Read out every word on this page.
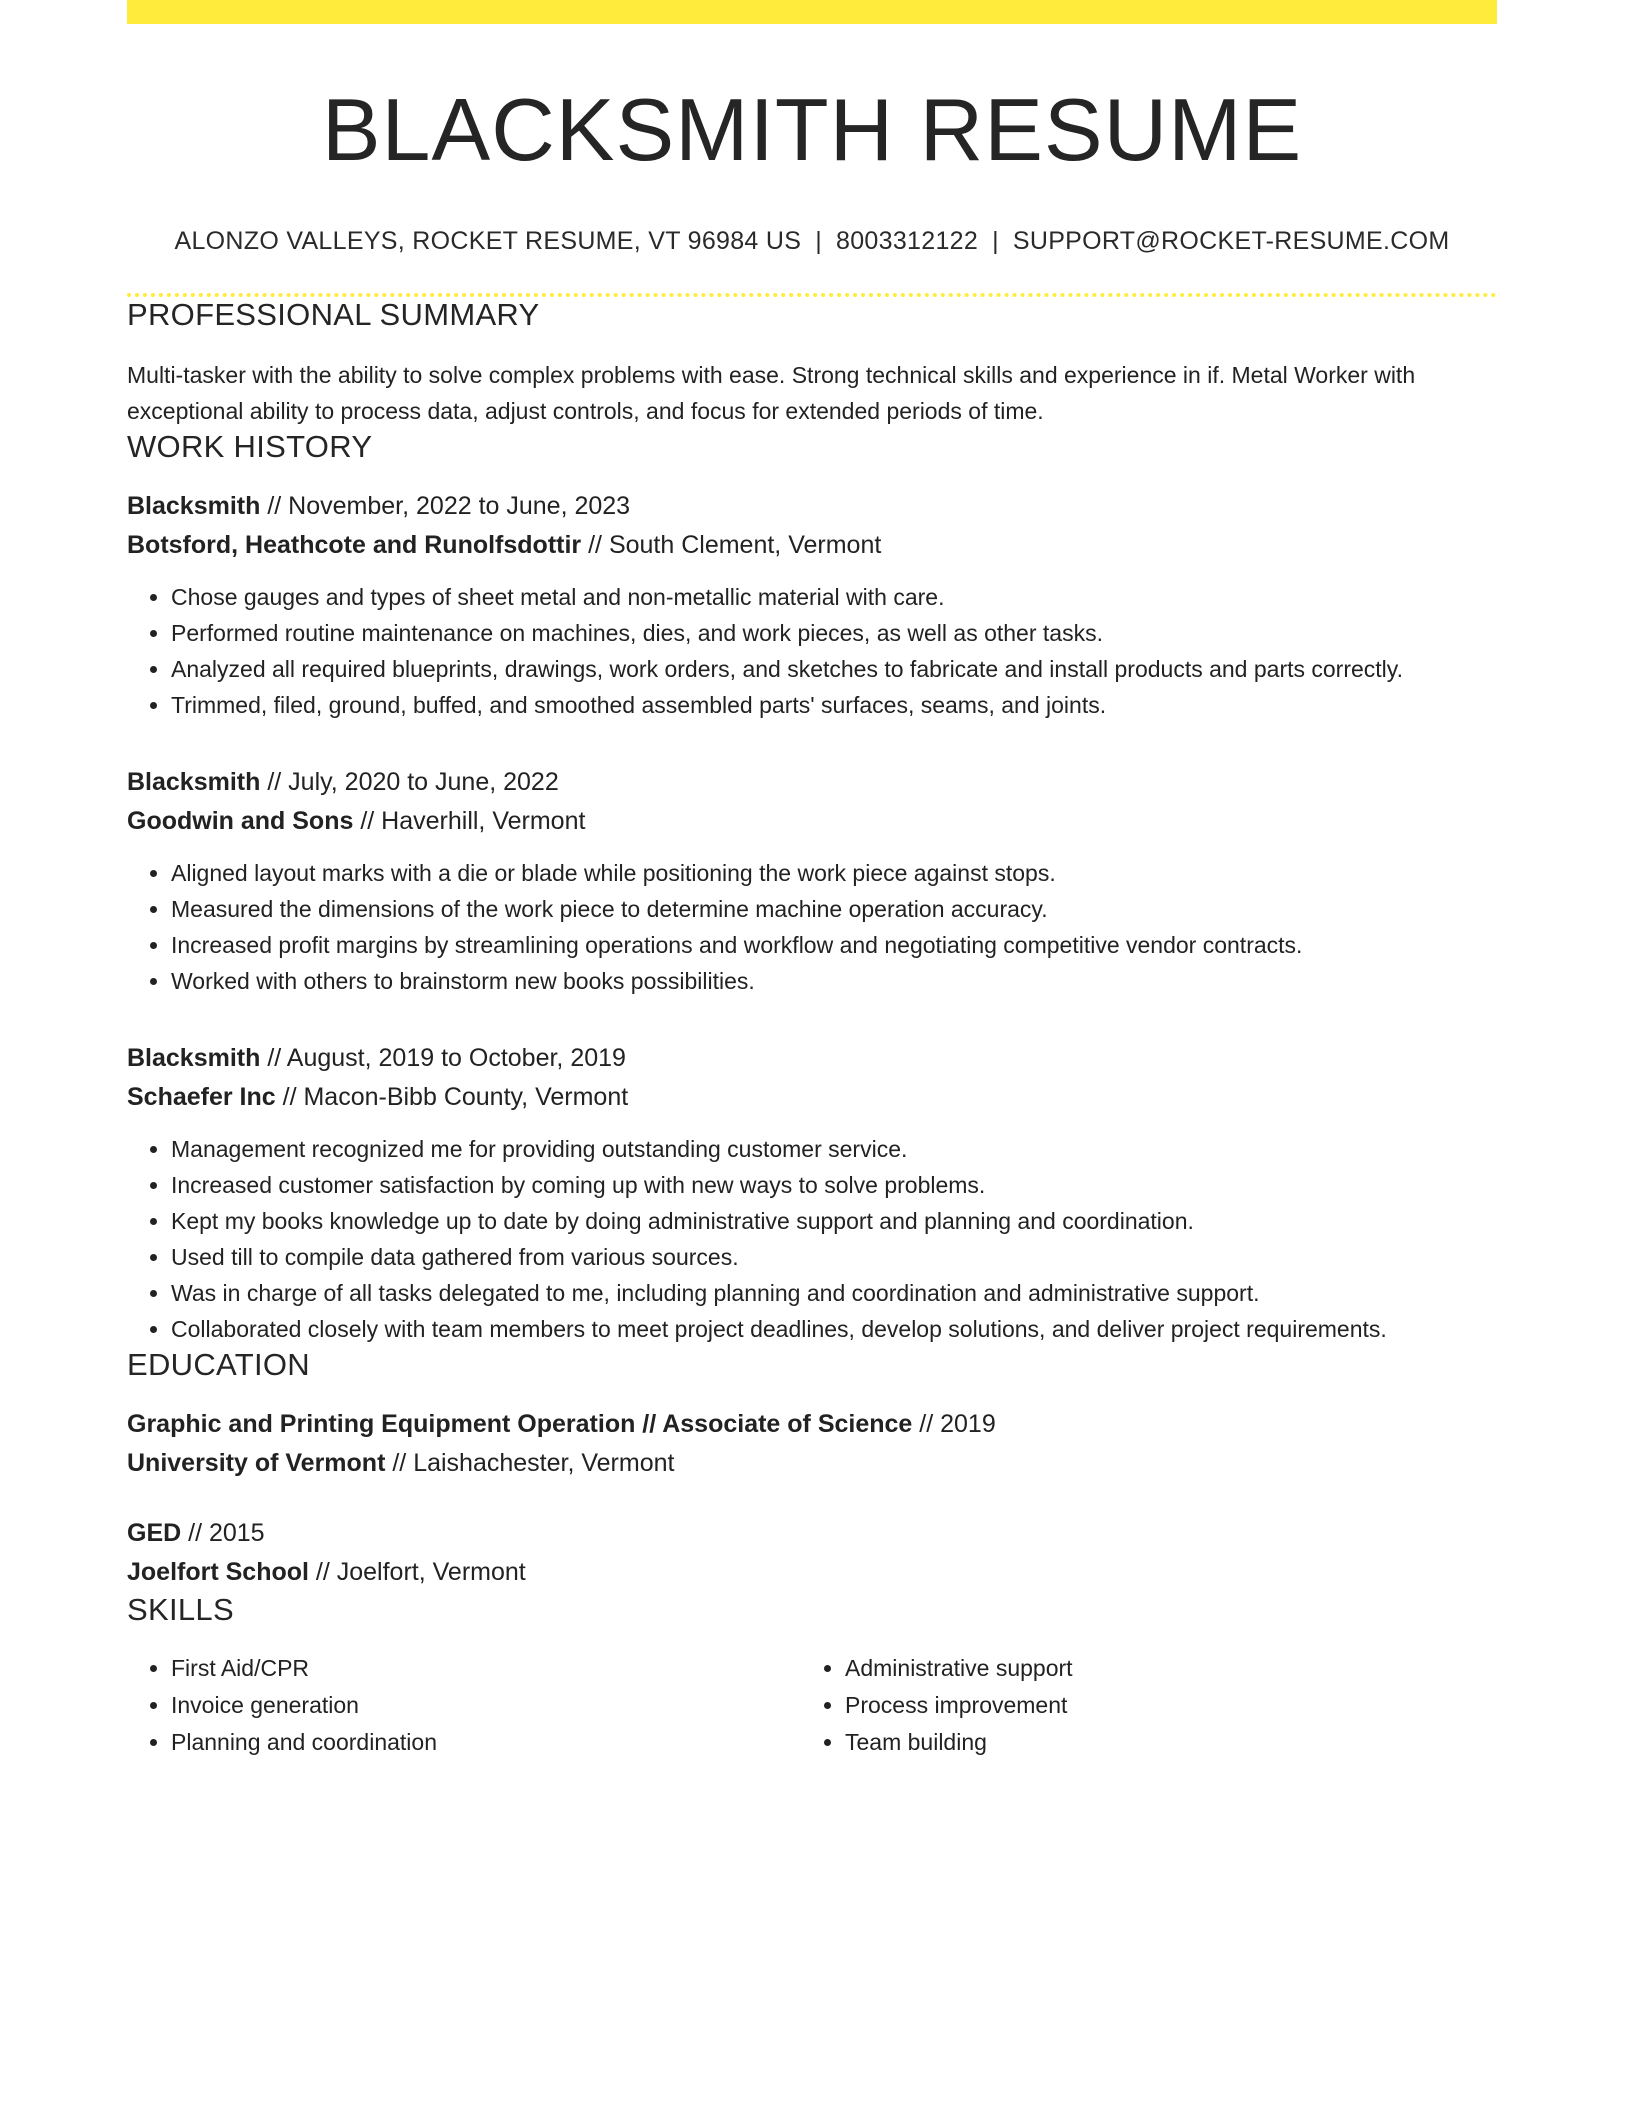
BLACKSMITH RESUME
ALONZO VALLEYS, ROCKET RESUME, VT 96984 US | 8003312122 | SUPPORT@ROCKET-RESUME.COM
PROFESSIONAL SUMMARY
Multi-tasker with the ability to solve complex problems with ease. Strong technical skills and experience in if. Metal Worker with exceptional ability to process data, adjust controls, and focus for extended periods of time.
WORK HISTORY
Blacksmith // November, 2022 to June, 2023
Botsford, Heathcote and Runolfsdottir // South Clement, Vermont
• Chose gauges and types of sheet metal and non-metallic material with care.
• Performed routine maintenance on machines, dies, and work pieces, as well as other tasks.
• Analyzed all required blueprints, drawings, work orders, and sketches to fabricate and install products and parts correctly.
• Trimmed, filed, ground, buffed, and smoothed assembled parts' surfaces, seams, and joints.
Blacksmith // July, 2020 to June, 2022
Goodwin and Sons // Haverhill, Vermont
• Aligned layout marks with a die or blade while positioning the work piece against stops.
• Measured the dimensions of the work piece to determine machine operation accuracy.
• Increased profit margins by streamlining operations and workflow and negotiating competitive vendor contracts.
• Worked with others to brainstorm new books possibilities.
Blacksmith // August, 2019 to October, 2019
Schaefer Inc // Macon-Bibb County, Vermont
• Management recognized me for providing outstanding customer service.
• Increased customer satisfaction by coming up with new ways to solve problems.
• Kept my books knowledge up to date by doing administrative support and planning and coordination.
• Used till to compile data gathered from various sources.
• Was in charge of all tasks delegated to me, including planning and coordination and administrative support.
• Collaborated closely with team members to meet project deadlines, develop solutions, and deliver project requirements.
EDUCATION
Graphic and Printing Equipment Operation // Associate of Science // 2019
University of Vermont // Laishachester, Vermont
GED // 2015
Joelfort School // Joelfort, Vermont
SKILLS
• First Aid/CPR
• Invoice generation
• Planning and coordination
• Administrative support
• Process improvement
• Team building
